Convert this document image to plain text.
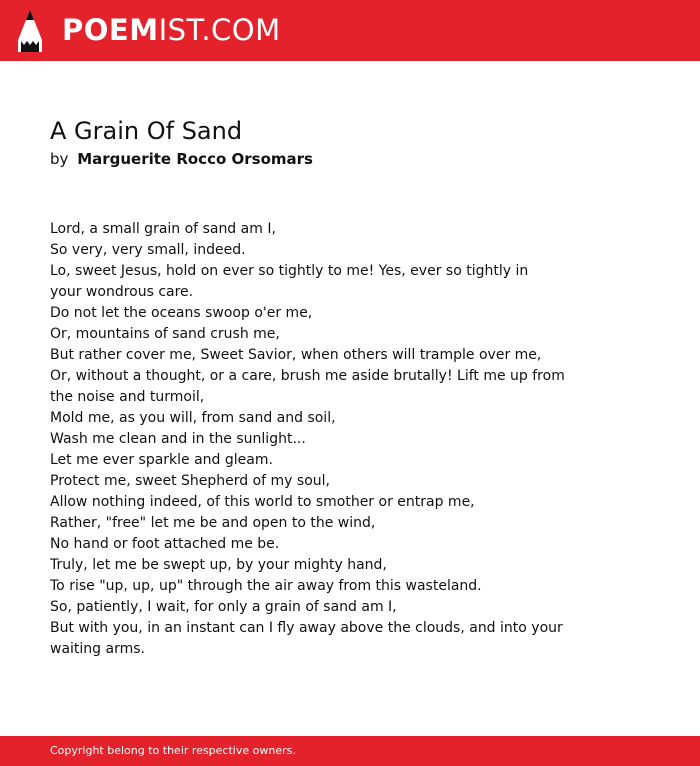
POEMIST.COM
A Grain Of Sand
by Marguerite Rocco Orsomars
Lord, a small grain of sand am I,
So very, very small, indeed.
Lo, sweet Jesus, hold on ever so tightly to me! Yes, ever so tightly in
your wondrous care.
Do not let the oceans swoop o'er me,
Or, mountains of sand crush me,
But rather cover me, Sweet Savior, when others will trample over me,
Or, without a thought, or a care, brush me aside brutally! Lift me up from
the noise and turmoil,
Mold me, as you will, from sand and soil,
Wash me clean and in the sunlight...
Let me ever sparkle and gleam.
Protect me, sweet Shepherd of my soul,
Allow nothing indeed, of this world to smother or entrap me,
Rather, "free" let me be and open to the wind,
No hand or foot attached me be.
Truly, let me be swept up, by your mighty hand,
To rise "up, up, up" through the air away from this wasteland.
So, patiently, I wait, for only a grain of sand am I,
But with you, in an instant can I fly away above the clouds, and into your
waiting arms.
Copyright belong to their respective owners.
